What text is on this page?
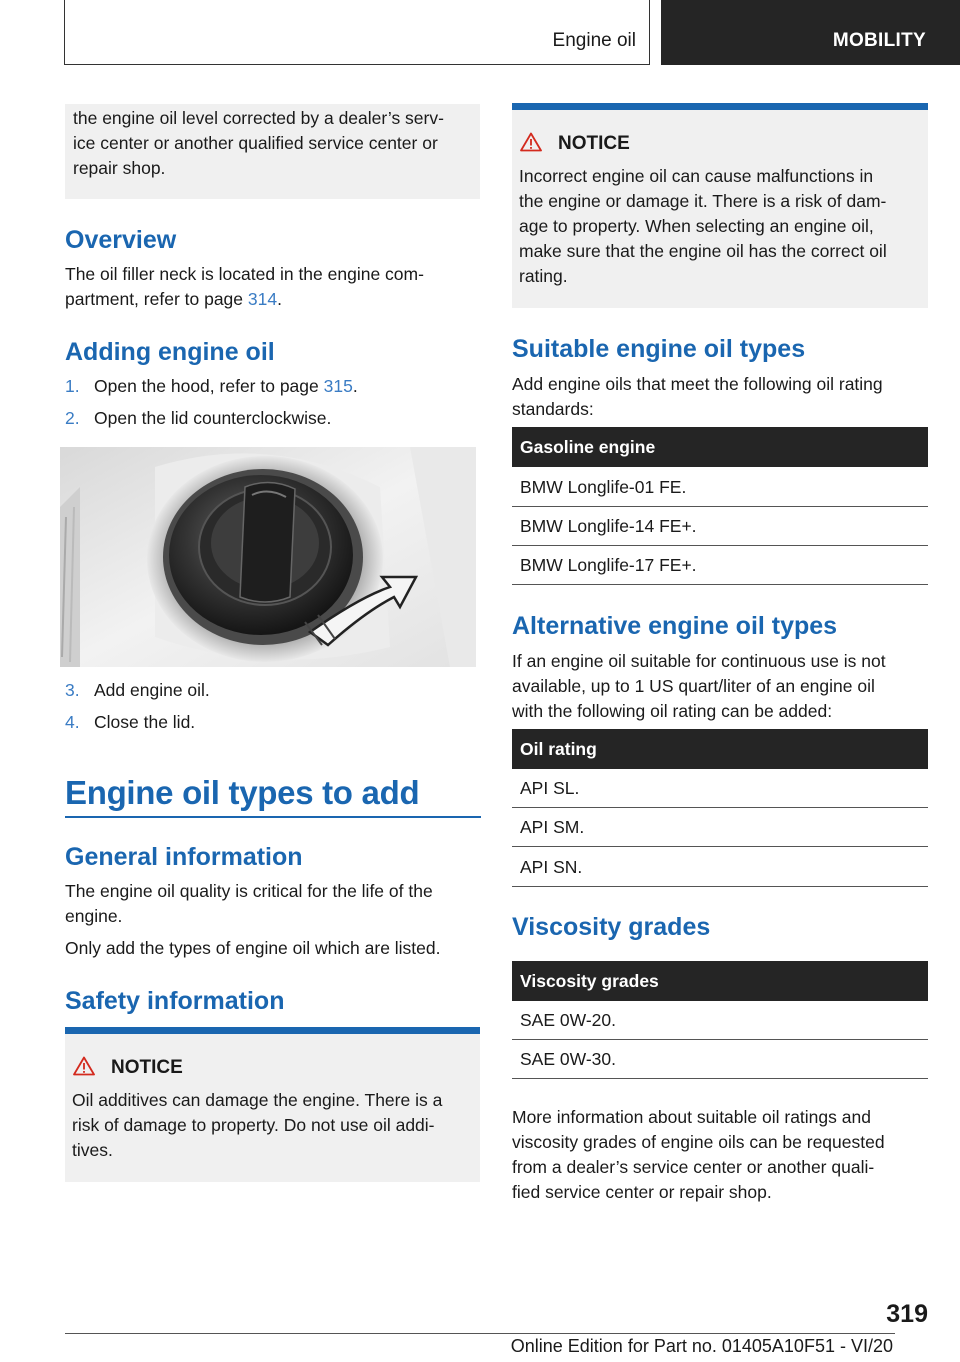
Engine oil	MOBILITY
the engine oil level corrected by a dealer’s serv-
ice center or another qualified service center or
repair shop.
Overview
The oil filler neck is located in the engine com-
partment, refer to page 314.
Adding engine oil
1. Open the hood, refer to page 315.
2. Open the lid counterclockwise.
3. Add engine oil.
4. Close the lid.
Engine oil types to add
General information
The engine oil quality is critical for the life of the
engine.
Only add the types of engine oil which are listed.
Safety information
NOTICE
Oil additives can damage the engine. There is a
risk of damage to property. Do not use oil addi-
tives.
NOTICE
Incorrect engine oil can cause malfunctions in
the engine or damage it. There is a risk of dam-
age to property. When selecting an engine oil,
make sure that the engine oil has the correct oil
rating.
Suitable engine oil types
Add engine oils that meet the following oil rating
standards:
Gasoline engine
BMW Longlife-01 FE.
BMW Longlife-14 FE+.
BMW Longlife-17 FE+.
Alternative engine oil types
If an engine oil suitable for continuous use is not
available, up to 1 US quart/liter of an engine oil
with the following oil rating can be added:
Oil rating
API SL.
API SM.
API SN.
Viscosity grades
Viscosity grades
SAE 0W-20.
SAE 0W-30.
More information about suitable oil ratings and
viscosity grades of engine oils can be requested
from a dealer’s service center or another quali-
fied service center or repair shop.
319
Online Edition for Part no. 01405A10F51 - VI/20
